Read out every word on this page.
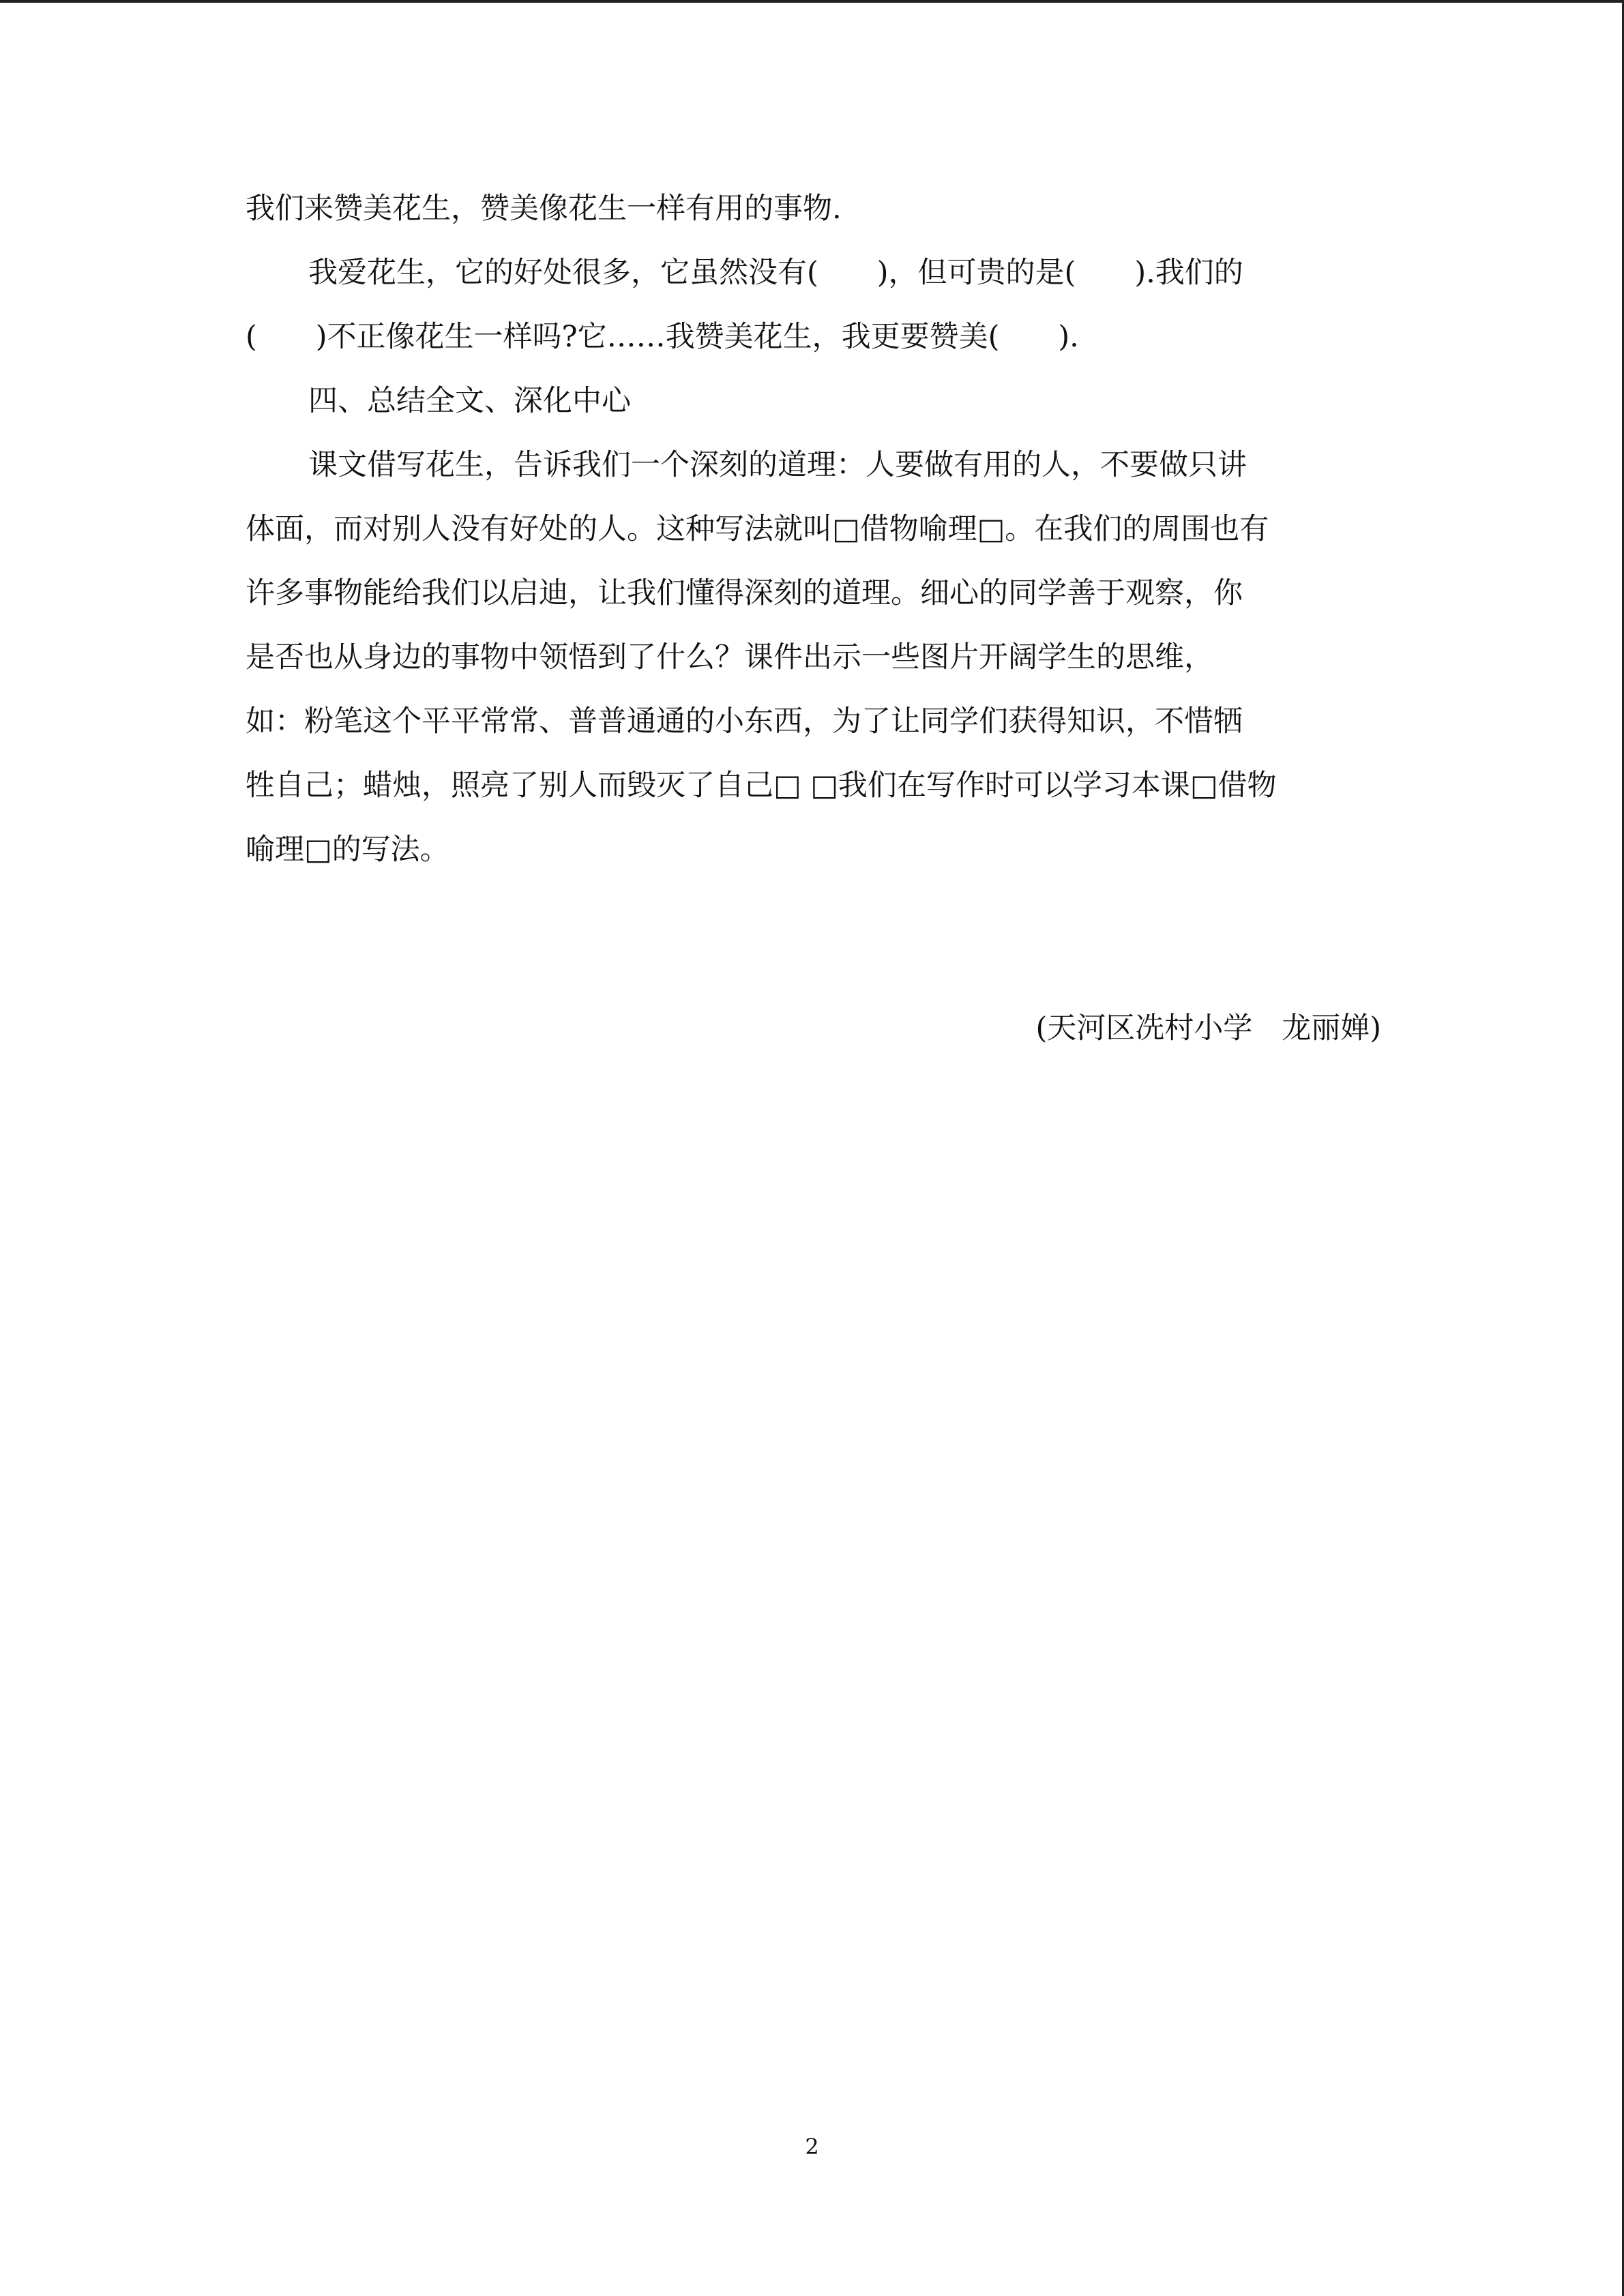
我们来赞美花生，赞美像花生一样有用的事物.
我爱花生，它的好处很多，它虽然没有(　　)，但可贵的是(　　).我们的
(　　)不正像花生一样吗?它……我赞美花生，我更要赞美(　　).
四、总结全文、深化中心
课文借写花生，告诉我们一个深刻的道理：人要做有用的人，不要做只讲
体面，而对别人没有好处的人。这种写法就叫□借物喻理□。在我们的周围也有
许多事物能给我们以启迪，让我们懂得深刻的道理。细心的同学善于观察，你
是否也从身边的事物中领悟到了什么？课件出示一些图片开阔学生的思维，
如：粉笔这个平平常常、普普通通的小东西，为了让同学们获得知识，不惜牺
牲自己；蜡烛，照亮了别人而毁灭了自己□ □我们在写作时可以学习本课□借物
喻理□的写法。
(天河区冼村小学　龙丽婵)
2
